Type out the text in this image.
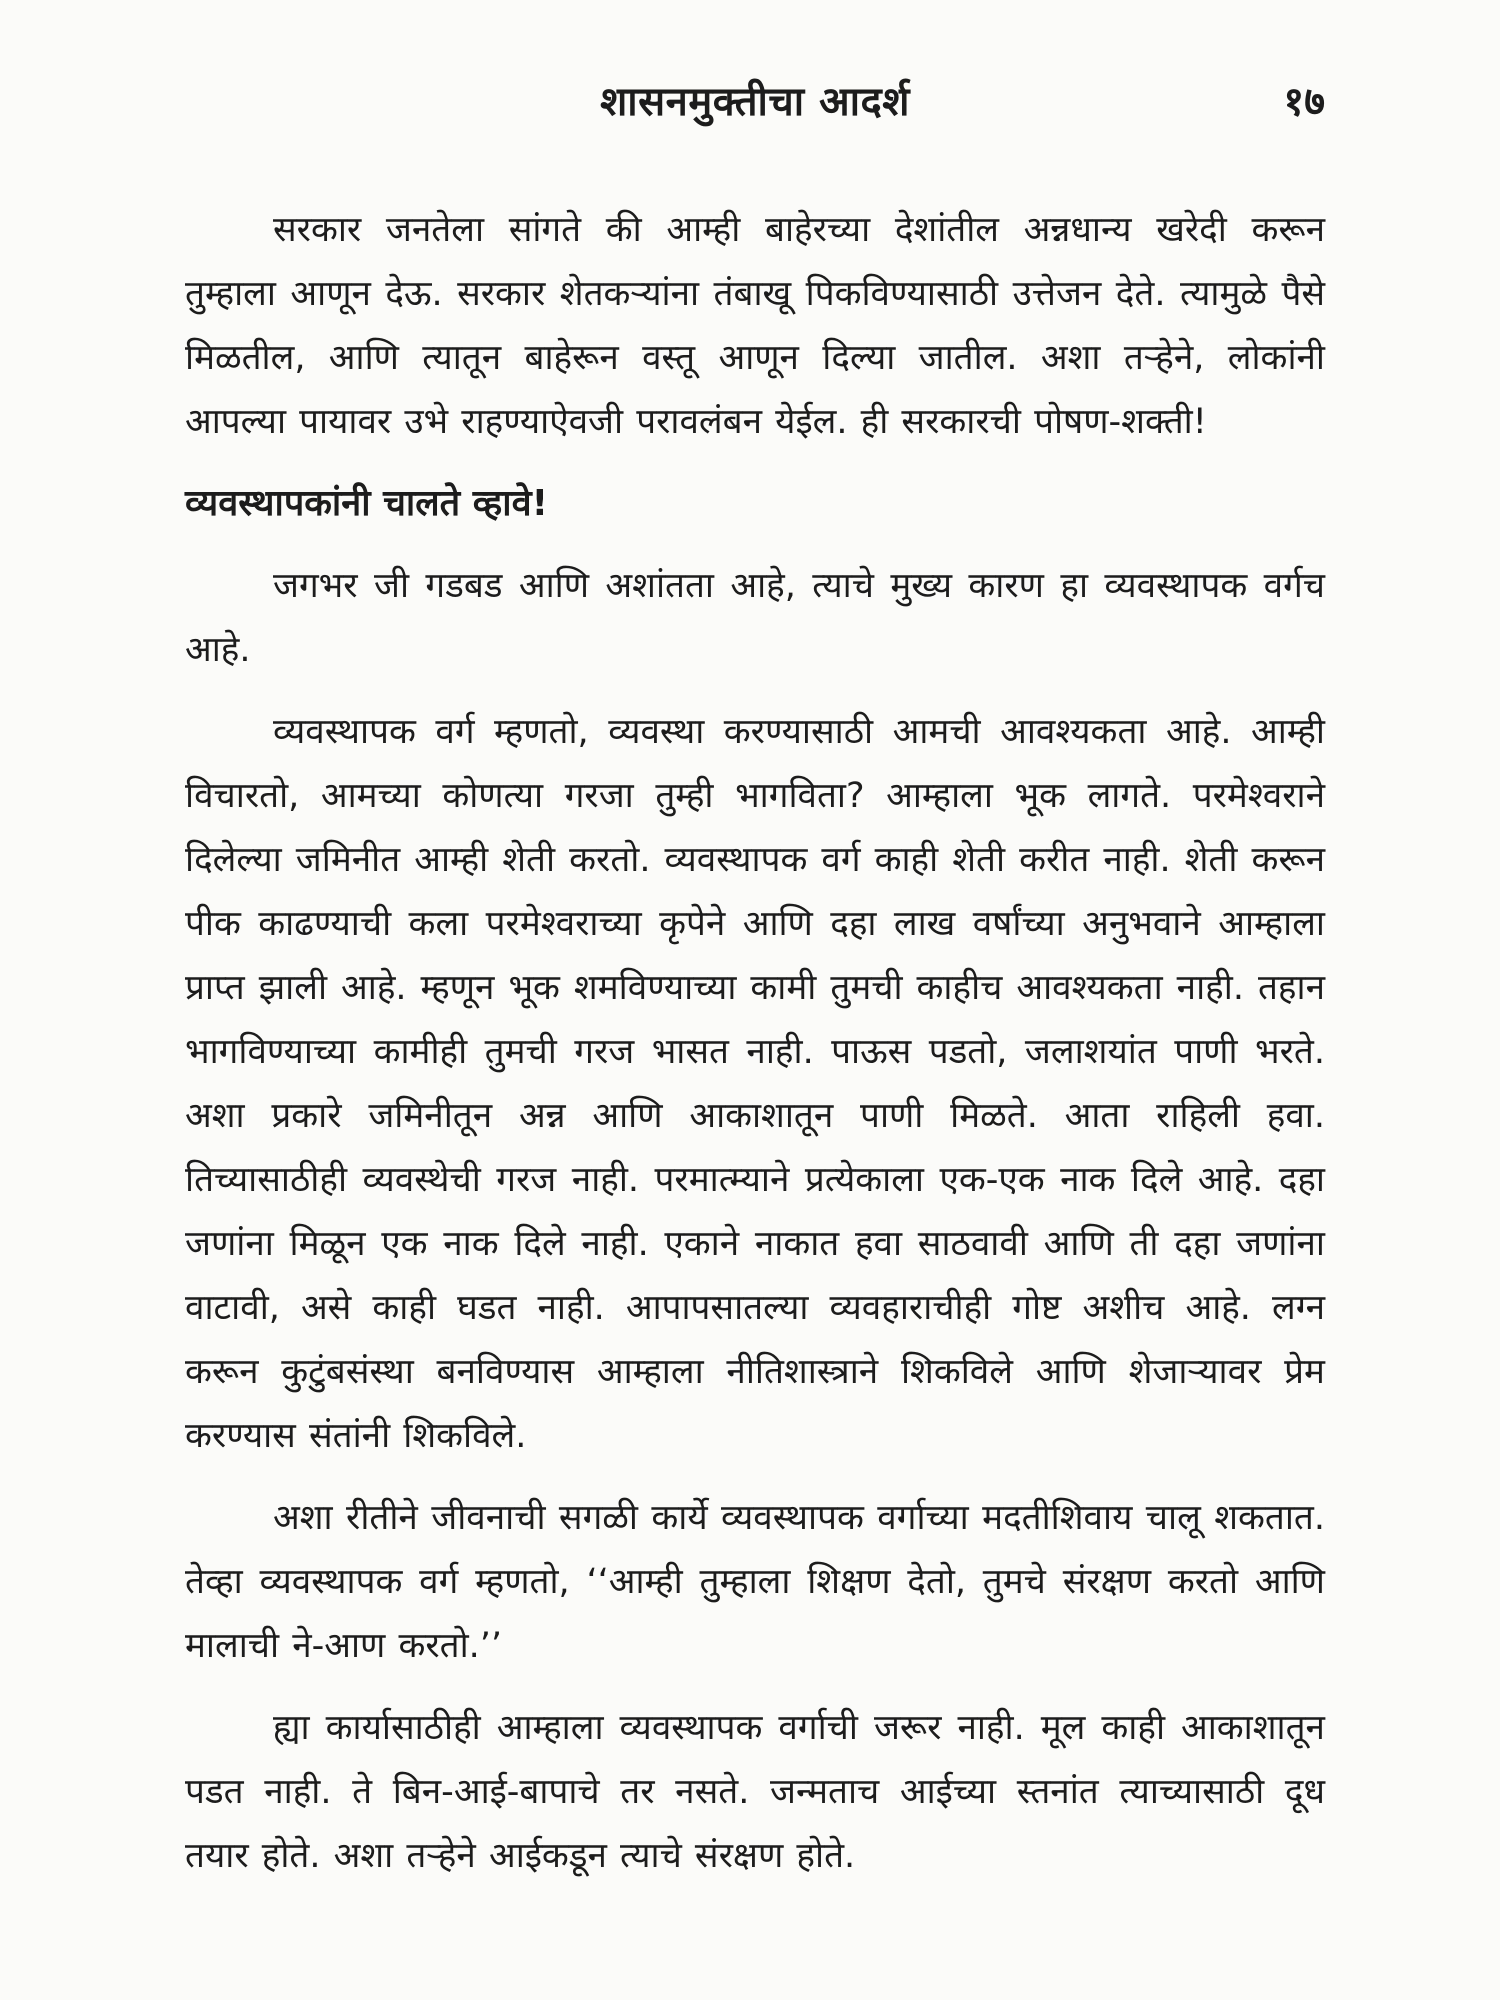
शासनमुक्तीचा आदर्श	१७

सरकार जनतेला सांगते की आम्ही बाहेरच्या देशांतील अन्नधान्य खरेदी करून तुम्हाला आणून देऊ. सरकार शेतकऱ्यांना तंबाखू पिकविण्यासाठी उत्तेजन देते. त्यामुळे पैसे मिळतील, आणि त्यातून बाहेरून वस्तू आणून दिल्या जातील. अशा तऱ्हेने, लोकांनी आपल्या पायावर उभे राहण्याऐवजी परावलंबन येईल. ही सरकारची पोषण-शक्ती!

व्यवस्थापकांनी चालते व्हावे!

जगभर जी गडबड आणि अशांतता आहे, त्याचे मुख्य कारण हा व्यवस्थापक वर्गच आहे.

व्यवस्थापक वर्ग म्हणतो, व्यवस्था करण्यासाठी आमची आवश्यकता आहे. आम्ही विचारतो, आमच्या कोणत्या गरजा तुम्ही भागविता? आम्हाला भूक लागते. परमेश्वराने दिलेल्या जमिनीत आम्ही शेती करतो. व्यवस्थापक वर्ग काही शेती करीत नाही. शेती करून पीक काढण्याची कला परमेश्वराच्या कृपेने आणि दहा लाख वर्षांच्या अनुभवाने आम्हाला प्राप्त झाली आहे. म्हणून भूक शमविण्याच्या कामी तुमची काहीच आवश्यकता नाही. तहान भागविण्याच्या कामीही तुमची गरज भासत नाही. पाऊस पडतो, जलाशयांत पाणी भरते. अशा प्रकारे जमिनीतून अन्न आणि आकाशातून पाणी मिळते. आता राहिली हवा. तिच्यासाठीही व्यवस्थेची गरज नाही. परमात्म्याने प्रत्येकाला एक-एक नाक दिले आहे. दहा जणांना मिळून एक नाक दिले नाही. एकाने नाकात हवा साठवावी आणि ती दहा जणांना वाटावी, असे काही घडत नाही. आपापसातल्या व्यवहाराचीही गोष्ट अशीच आहे. लग्न करून कुटुंबसंस्था बनविण्यास आम्हाला नीतिशास्त्राने शिकविले आणि शेजाऱ्यावर प्रेम करण्यास संतांनी शिकविले.

अशा रीतीने जीवनाची सगळी कार्ये व्यवस्थापक वर्गाच्या मदतीशिवाय चालू शकतात. तेव्हा व्यवस्थापक वर्ग म्हणतो, ‘‘आम्ही तुम्हाला शिक्षण देतो, तुमचे संरक्षण करतो आणि मालाची ने-आण करतो.’’

ह्या कार्यासाठीही आम्हाला व्यवस्थापक वर्गाची जरूर नाही. मूल काही आकाशातून पडत नाही. ते बिन-आई-बापाचे तर नसते. जन्मताच आईच्या स्तनांत त्याच्यासाठी दूध तयार होते. अशा तऱ्हेने आईकडून त्याचे संरक्षण होते.
